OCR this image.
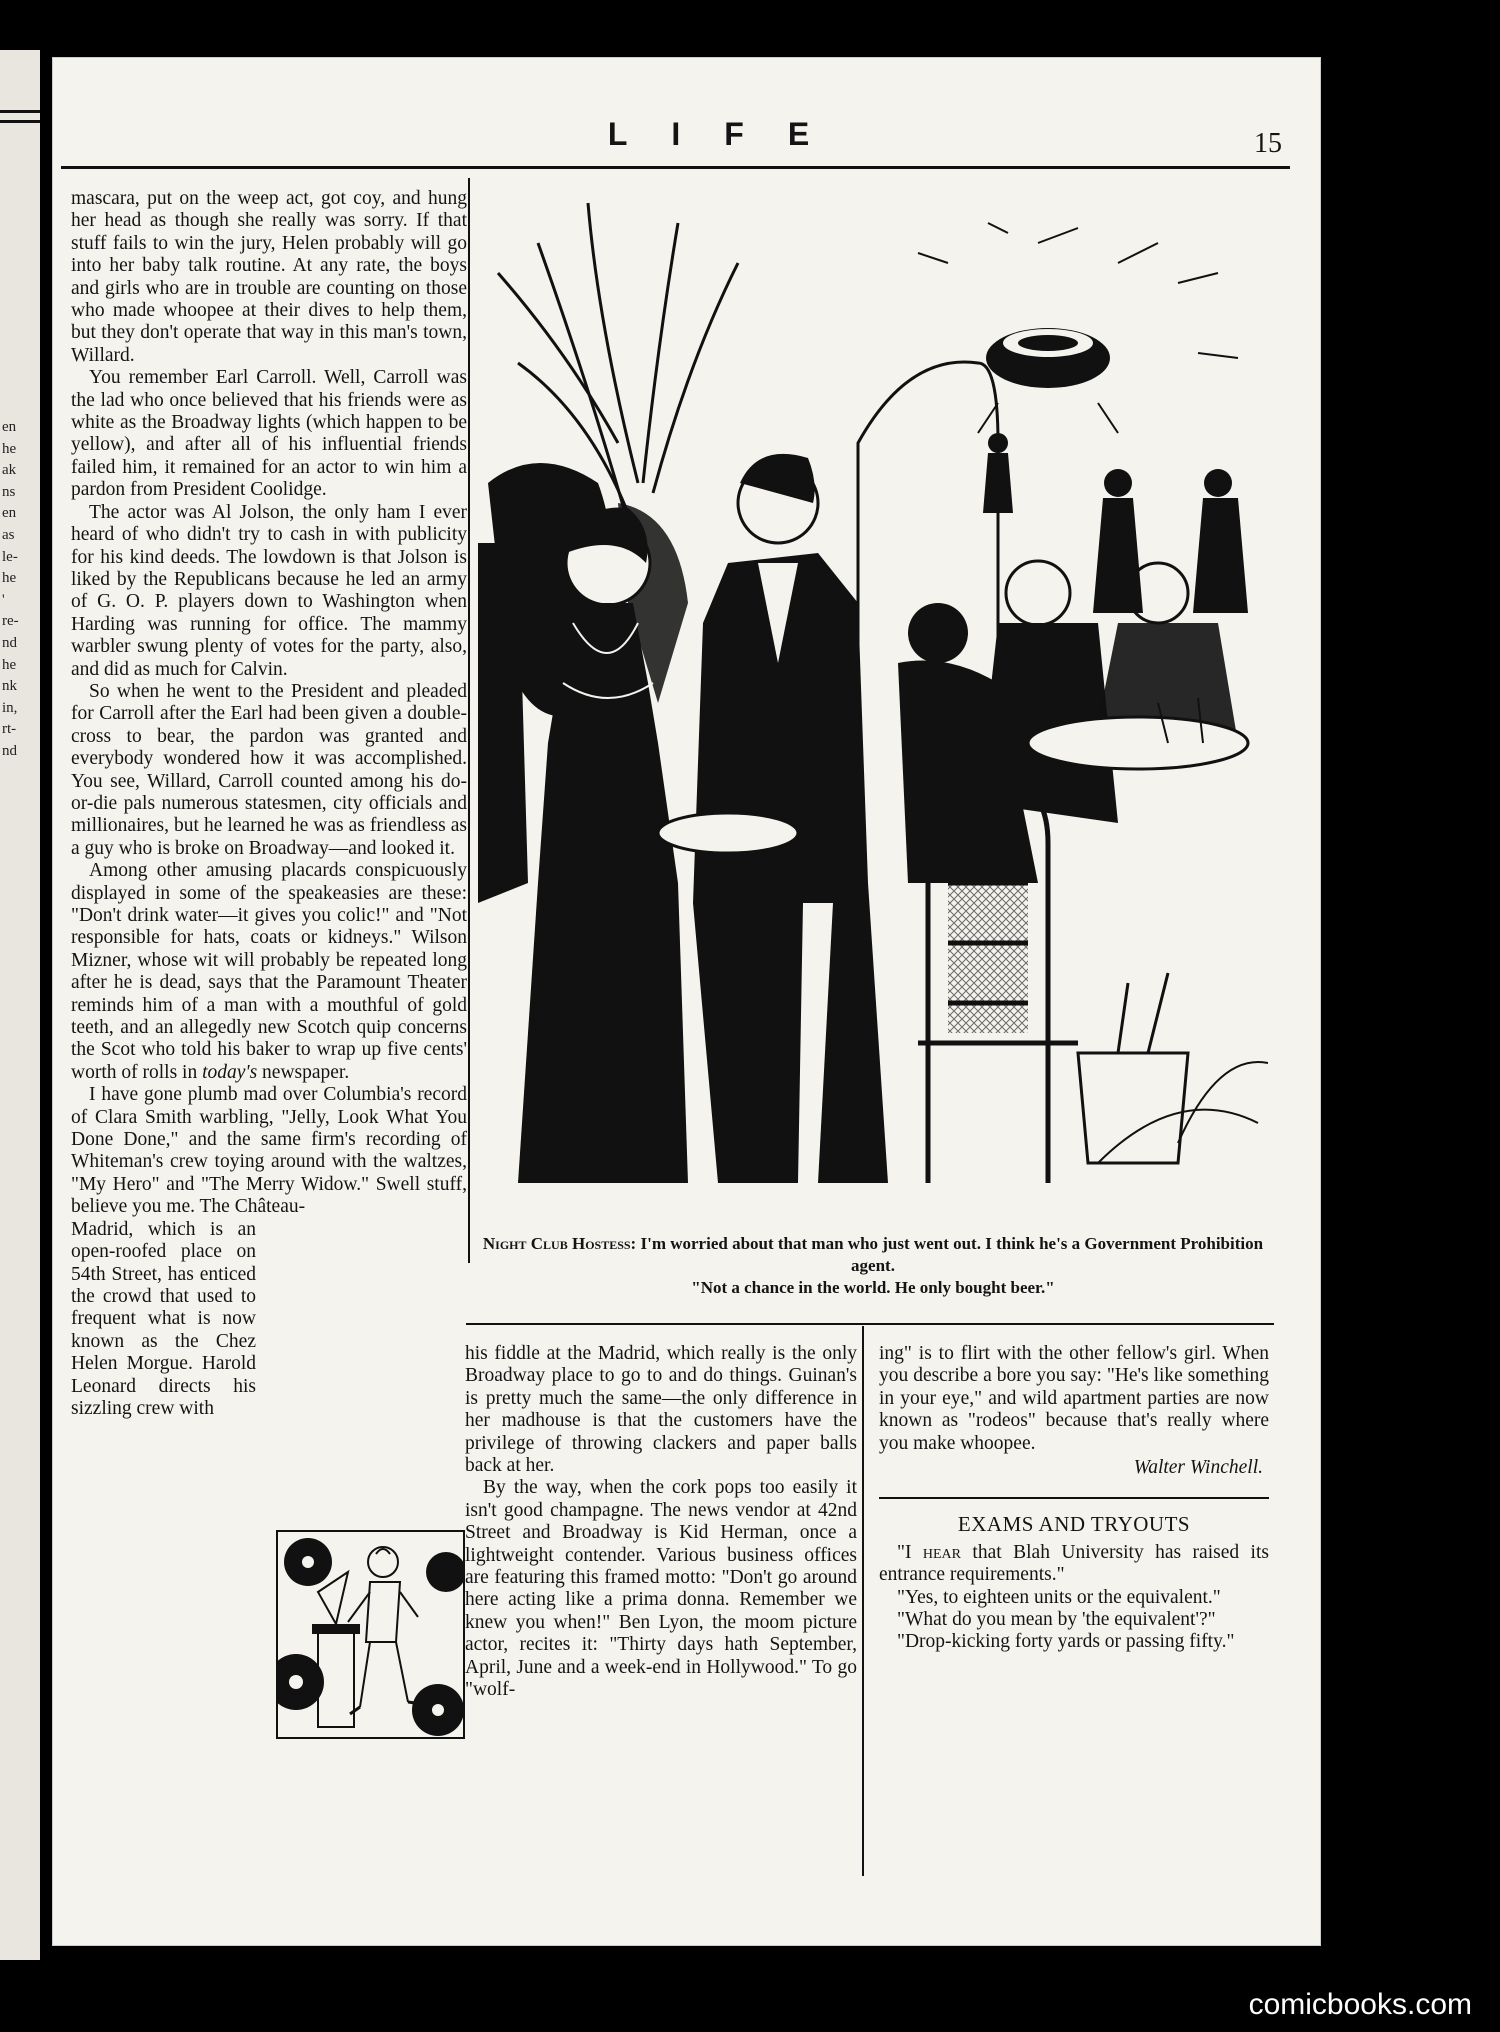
en
he
ak
ns
en
as
le-
he
'
re-
nd
he
nk
in,
rt-
nd
LIFE	15

mascara, put on the weep act, got coy, and hung her head as though she really was sorry. If that stuff fails to win the jury, Helen probably will go into her baby talk routine. At any rate, the boys and girls who are in trouble are counting on those who made whoopee at their dives to help them, but they don't operate that way in this man's town, Willard.

You remember Earl Carroll. Well, Carroll was the lad who once believed that his friends were as white as the Broadway lights (which happen to be yellow), and after all of his influential friends failed him, it remained for an actor to win him a pardon from President Coolidge.

The actor was Al Jolson, the only ham I ever heard of who didn't try to cash in with publicity for his kind deeds. The lowdown is that Jolson is liked by the Republicans because he led an army of G. O. P. players down to Washington when Harding was running for office. The mammy warbler swung plenty of votes for the party, also, and did as much for Calvin.

So when he went to the President and pleaded for Carroll after the Earl had been given a double-cross to bear, the pardon was granted and everybody wondered how it was accomplished. You see, Willard, Carroll counted among his do-or-die pals numerous statesmen, city officials and millionaires, but he learned he was as friendless as a guy who is broke on Broadway—and looked it.

Among other amusing placards conspicuously displayed in some of the speakeasies are these: "Don't drink water—it gives you colic!" and "Not responsible for hats, coats or kidneys." Wilson Mizner, whose wit will probably be repeated long after he is dead, says that the Paramount Theater reminds him of a man with a mouthful of gold teeth, and an allegedly new Scotch quip concerns the Scot who told his baker to wrap up five cents' worth of rolls in today's newspaper.

I have gone plumb mad over Columbia's record of Clara Smith warbling, "Jelly, Look What You Done Done," and the same firm's recording of Whiteman's crew toying around with the waltzes, "My Hero" and "The Merry Widow." Swell stuff, believe you me. The Château-

Madrid, which is an open-roofed place on 54th Street, has enticed the crowd that used to frequent what is now known as the Chez Helen Morgue. Harold Leonard directs his sizzling crew with

Night Club Hostess: I'm worried about that man who just went out. I think he's a Government Prohibition agent.
"Not a chance in the world. He only bought beer."

his fiddle at the Madrid, which really is the only Broadway place to go to and do things. Guinan's is pretty much the same—the only difference in her madhouse is that the customers have the privilege of throwing clackers and paper balls back at her.

By the way, when the cork pops too easily it isn't good champagne. The news vendor at 42nd Street and Broadway is Kid Herman, once a lightweight contender. Various business offices are featuring this framed motto: "Don't go around here acting like a prima donna. Remember we knew you when!" Ben Lyon, the moom picture actor, recites it: "Thirty days hath September, April, June and a week-end in Hollywood." To go "wolf-

ing" is to flirt with the other fellow's girl. When you describe a bore you say: "He's like something in your eye," and wild apartment parties are now known as "rodeos" because that's really where you make whoopee.

Walter Winchell.
EXAMS AND TRYOUTS

"I hear that Blah University has raised its entrance requirements."

"Yes, to eighteen units or the equivalent."

"What do you mean by 'the equivalent'?"

"Drop-kicking forty yards or passing fifty."

comicbooks.com
